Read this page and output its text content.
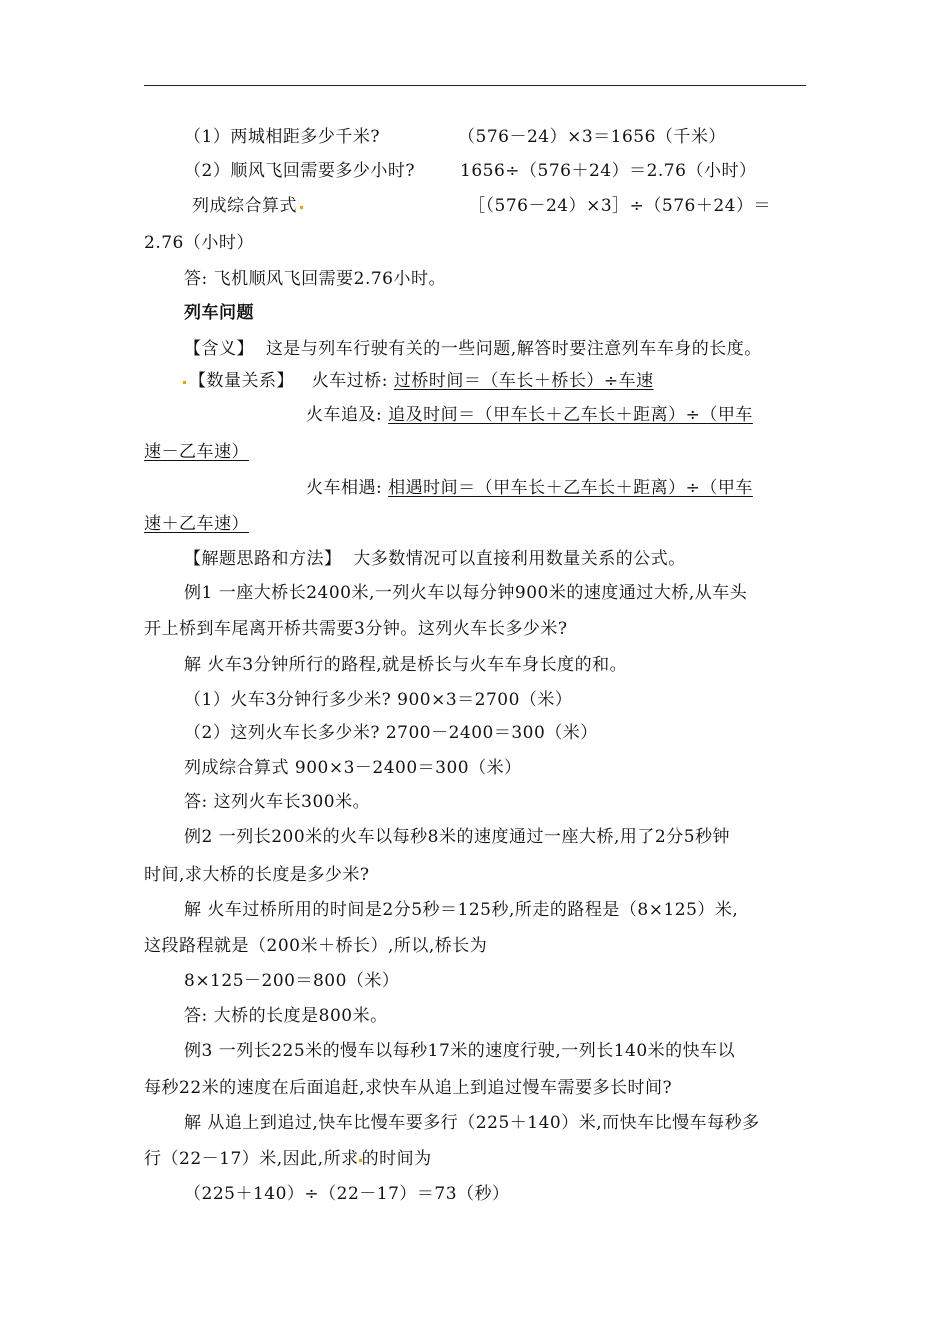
（1）两城相距多少千米?	（576－24）×3＝1656（千米）
（2）顺风飞回需要多少小时?	1656÷（576＋24）＝2.76（小时）
列成综合算式	［（576－24）×3］÷（576＋24）＝
2.76（小时）
答: 飞机顺风飞回需要2.76小时。
列车问题
【含义】 这是与列车行驶有关的一些问题,解答时要注意列车车身的长度。
【数量关系】 火车过桥: 过桥时间＝（车长＋桥长）÷车速
火车追及: 追及时间＝（甲车长＋乙车长＋距离）÷（甲车
速－乙车速）
火车相遇: 相遇时间＝（甲车长＋乙车长＋距离）÷（甲车
速＋乙车速）
【解题思路和方法】 大多数情况可以直接利用数量关系的公式。
例1 一座大桥长2400米,一列火车以每分钟900米的速度通过大桥,从车头
开上桥到车尾离开桥共需要3分钟。这列火车长多少米?
解 火车3分钟所行的路程,就是桥长与火车车身长度的和。
（1）火车3分钟行多少米? 900×3＝2700（米）
（2）这列火车长多少米? 2700－2400＝300（米）
列成综合算式 900×3－2400＝300（米）
答: 这列火车长300米。
例2 一列长200米的火车以每秒8米的速度通过一座大桥,用了2分5秒钟
时间,求大桥的长度是多少米?
解 火车过桥所用的时间是2分5秒＝125秒,所走的路程是（8×125）米,
这段路程就是（200米＋桥长）,所以,桥长为
8×125－200＝800（米）
答: 大桥的长度是800米。
例3 一列长225米的慢车以每秒17米的速度行驶,一列长140米的快车以
每秒22米的速度在后面追赶,求快车从追上到追过慢车需要多长时间?
解 从追上到追过,快车比慢车要多行（225＋140）米,而快车比慢车每秒多
行（22－17）米,因此,所求 的时间为
（225＋140）÷（22－17）＝73（秒）
